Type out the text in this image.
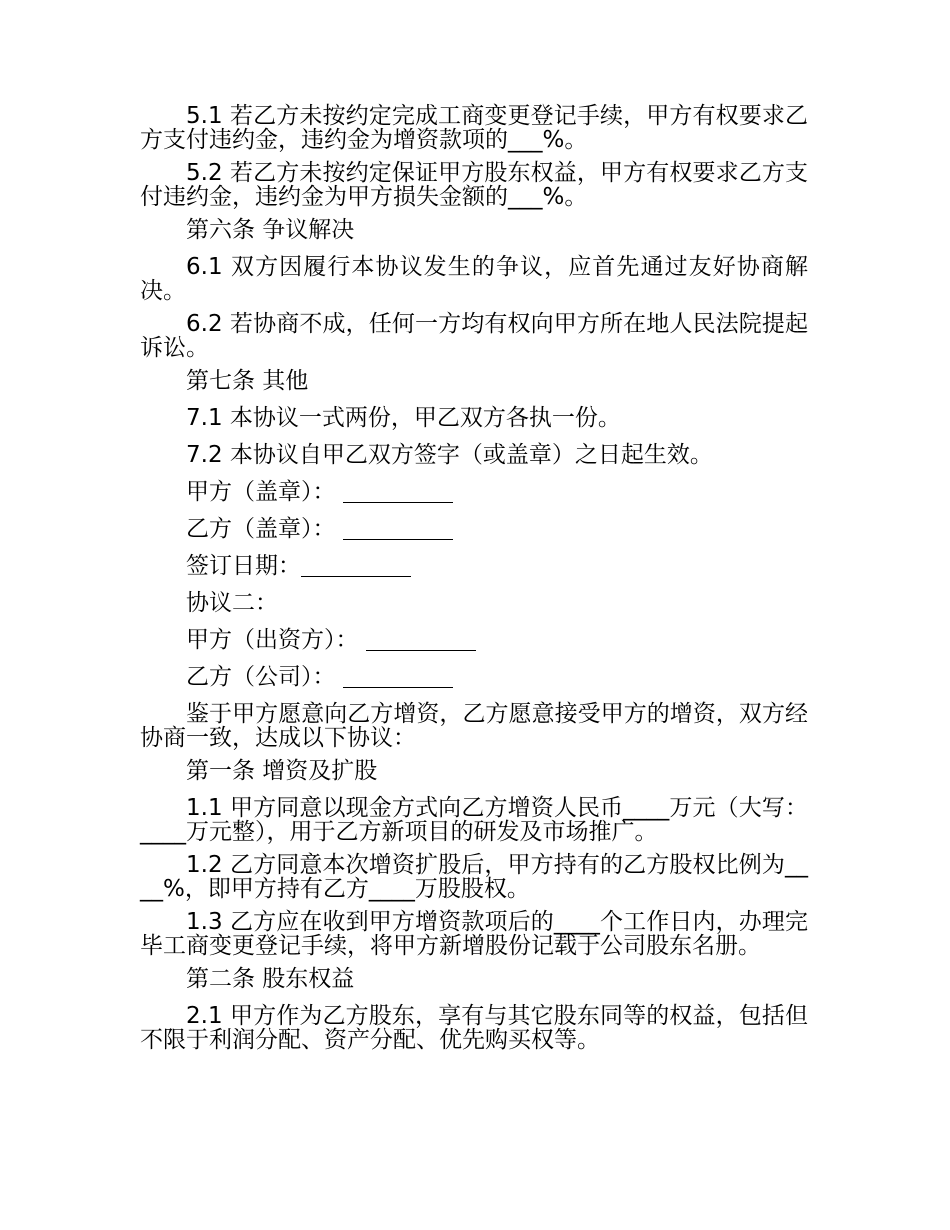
5.1 若乙方未按约定完成工商变更登记手续，甲方有权要求乙方支付违约金，违约金为增资款项的___%。

5.2 若乙方未按约定保证甲方股东权益，甲方有权要求乙方支付违约金，违约金为甲方损失金额的___%。

第六条 争议解决

6.1 双方因履行本协议发生的争议，应首先通过友好协商解决。

6.2 若协商不成，任何一方均有权向甲方所在地人民法院提起诉讼。

第七条 其他

7.1 本协议一式两份，甲乙双方各执一份。

7.2 本协议自甲乙双方签字（或盖章）之日起生效。

甲方（盖章）：

乙方（盖章）：

签订日期：

协议二：

甲方（出资方）：

乙方（公司）：

鉴于甲方愿意向乙方增资，乙方愿意接受甲方的增资，双方经协商一致，达成以下协议：

第一条 增资及扩股

1.1 甲方同意以现金方式向乙方增资人民币____万元（大写：____万元整），用于乙方新项目的研发及市场推广。

1.2 乙方同意本次增资扩股后，甲方持有的乙方股权比例为____%，即甲方持有乙方____万股股权。

1.3 乙方应在收到甲方增资款项后的____个工作日内，办理完毕工商变更登记手续，将甲方新增股份记载于公司股东名册。

第二条 股东权益

2.1 甲方作为乙方股东，享有与其它股东同等的权益，包括但不限于利润分配、资产分配、优先购买权等。
